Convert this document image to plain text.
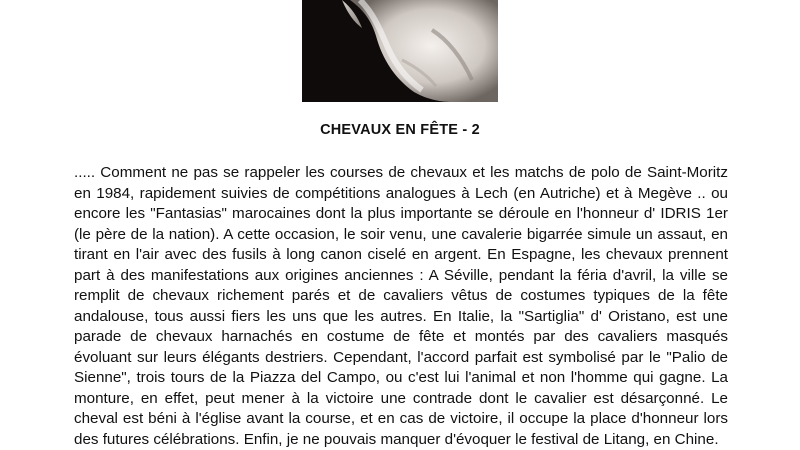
CHEVAUX EN FÊTE - 2

..... Comment ne pas se rappeler les courses de chevaux et les matchs de polo de Saint-Moritz en 1984, rapidement suivies de compétitions analogues à Lech (en Autriche) et à Megève .. ou encore les "Fantasias" marocaines dont la plus importante se déroule en l'honneur d' IDRIS 1er (le père de la nation). A cette occasion, le soir venu, une cavalerie bigarrée simule un assaut, en tirant en l'air avec des fusils à long canon ciselé en argent. En Espagne, les chevaux prennent part à des manifestations aux origines anciennes : A Séville, pendant la féria d'avril, la ville se remplit de chevaux richement parés et de cavaliers vêtus de costumes typiques de la fête andalouse, tous aussi fiers les uns que les autres. En Italie, la "Sartiglia" d' Oristano, est une parade de chevaux harnachés en costume de fête et montés par des cavaliers masqués évoluant sur leurs élégants destriers. Cependant, l'accord parfait est symbolisé par le "Palio de Sienne", trois tours de la Piazza del Campo, ou c'est lui l'animal et non l'homme qui gagne. La monture, en effet, peut mener à la victoire une contrade dont le cavalier est désarçonné. Le cheval est béni à l'église avant la course, et en cas de victoire, il occupe la place d'honneur lors des futures célébrations. Enfin, je ne pouvais manquer d'évoquer le festival de Litang, en Chine.
